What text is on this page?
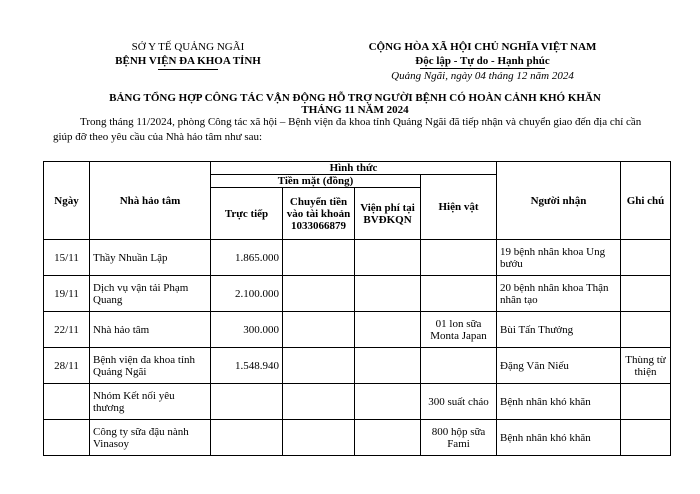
SỞ Y TẾ QUẢNG NGÃI
BỆNH VIỆN ĐA KHOA TỈNH
CỘNG HÒA XÃ HỘI CHỦ NGHĨA VIỆT NAM
Độc lập - Tự do - Hạnh phúc
Quảng Ngãi, ngày 04 tháng 12 năm 2024
BẢNG TỔNG HỢP CÔNG TÁC VẬN ĐỘNG HỖ TRỢ NGƯỜI BỆNH CÓ HOÀN CẢNH KHÓ KHĂN
THÁNG 11 NĂM 2024
Trong tháng 11/2024, phòng Công tác xã hội – Bệnh viện đa khoa tỉnh Quảng Ngãi đã tiếp nhận và chuyển giao đến địa chỉ cần giúp đỡ theo yêu cầu của Nhà hảo tâm như sau:
Ngày	Nhà hảo tâm	Hình thức				Người nhận	Ghi chú
		Tiền mặt (đồng)			Hiện vật		
		Trực tiếp	Chuyển tiền vào tài khoản 1033066879	Viện phí tại BVĐKQN			
15/11	Thầy Nhuần Lập	1.865.000				19 bệnh nhân khoa Ung bướu	
19/11	Dịch vụ vận tải Phạm Quang	2.100.000				20 bệnh nhân khoa Thận nhân tạo	
22/11	Nhà hảo tâm	300.000			01 lon sữa Monta Japan	Bùi Tấn Thưởng	
28/11	Bệnh viện đa khoa tỉnh Quảng Ngãi	1.548.940				Đặng Văn Niếu	Thùng từ thiện
	Nhóm Kết nối yêu thương				300 suất cháo	Bệnh nhân khó khăn	
	Công ty sữa đậu nành Vinasoy				800 hộp sữa Fami	Bệnh nhân khó khăn	
